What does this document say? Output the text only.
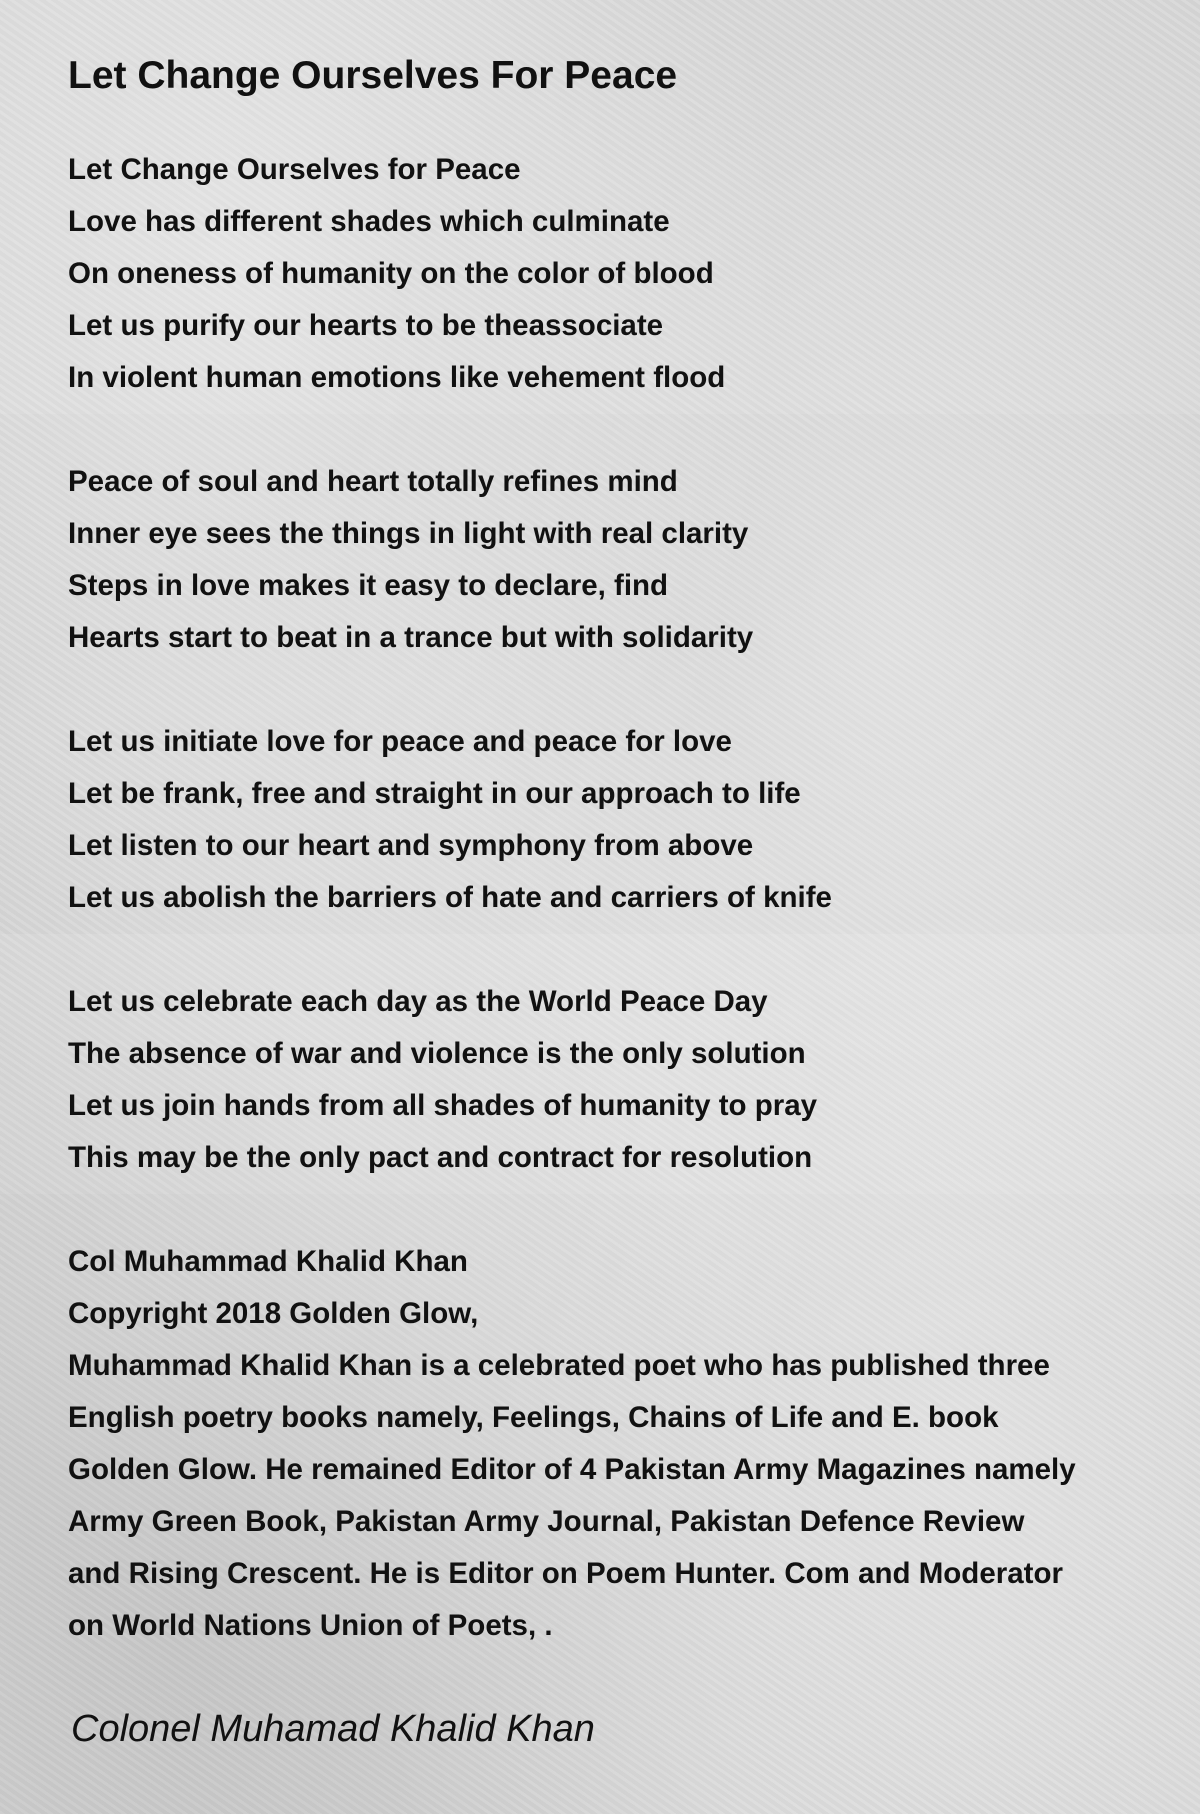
Let Change Ourselves For Peace
Let Change Ourselves for Peace
Love has different shades which culminate
On oneness of humanity on the color of blood
Let us purify our hearts to be theassociate
In violent human emotions like vehement flood
Peace of soul and heart totally refines mind
Inner eye sees the things in light with real clarity
Steps in love makes it easy to declare, find
Hearts start to beat in a trance but with solidarity
Let us initiate love for peace and peace for love
Let be frank, free and straight in our approach to life
Let listen to our heart and symphony from above
Let us abolish the barriers of hate and carriers of knife
Let us celebrate each day as the World Peace Day
The absence of war and violence is the only solution
Let us join hands from all shades of humanity to pray
This may be the only pact and contract for resolution
Col Muhammad Khalid Khan
Copyright 2018 Golden Glow,
Muhammad Khalid Khan is a celebrated poet who has published three
English poetry books namely, Feelings, Chains of Life and E. book
Golden Glow. He remained Editor of 4 Pakistan Army Magazines namely
Army Green Book, Pakistan Army Journal, Pakistan Defence Review
and Rising Crescent. He is Editor on Poem Hunter. Com and Moderator
on World Nations Union of Poets, .
Colonel Muhamad Khalid Khan
